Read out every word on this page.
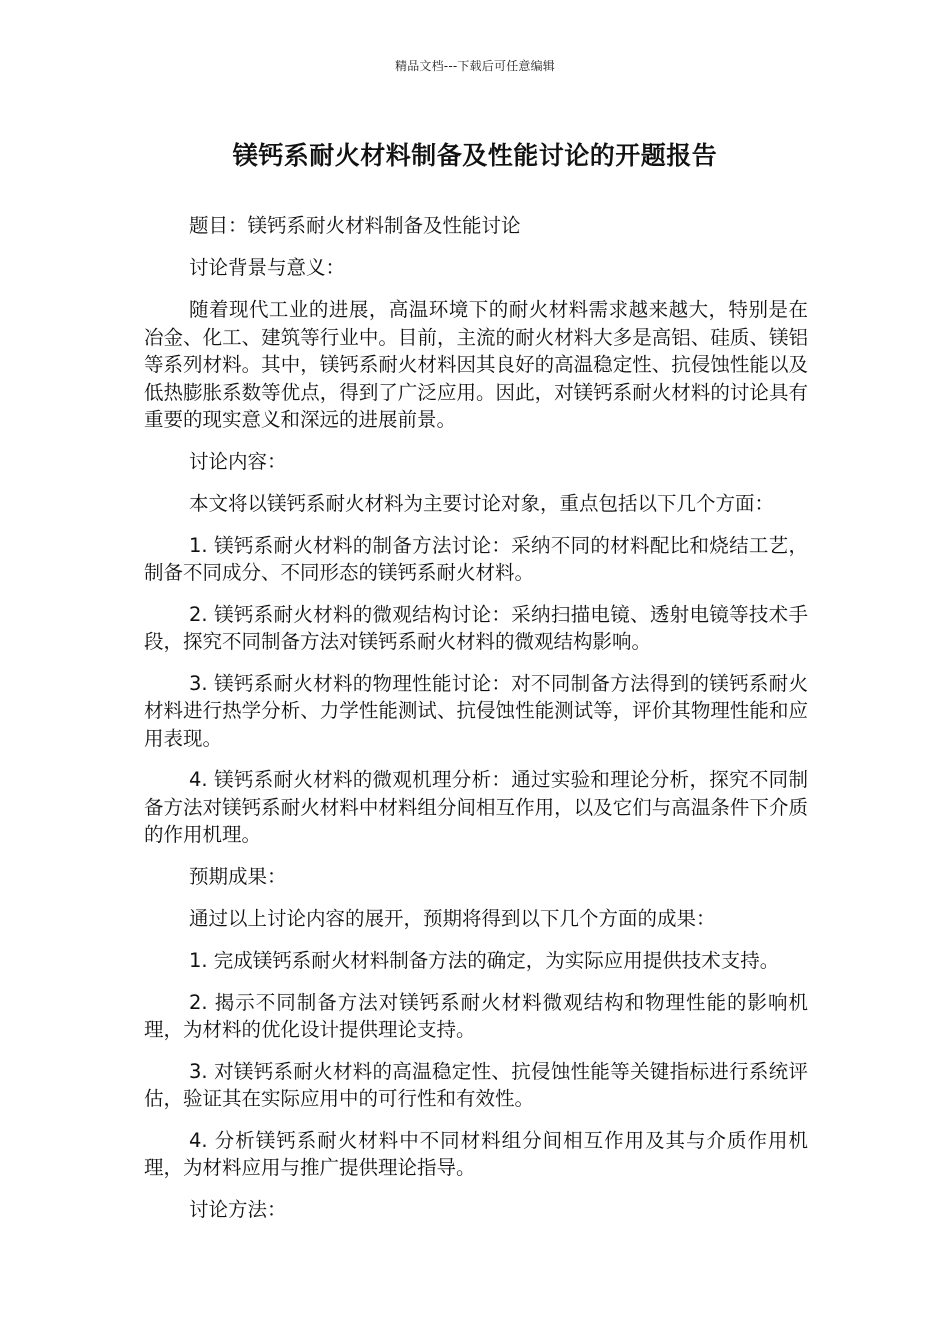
精品文档---下载后可任意编辑
镁钙系耐火材料制备及性能讨论的开题报告

题目：镁钙系耐火材料制备及性能讨论

讨论背景与意义：

随着现代工业的进展，高温环境下的耐火材料需求越来越大，特别是在冶金、化工、建筑等行业中。目前，主流的耐火材料大多是高铝、硅质、镁铝等系列材料。其中，镁钙系耐火材料因其良好的高温稳定性、抗侵蚀性能以及低热膨胀系数等优点，得到了广泛应用。因此，对镁钙系耐火材料的讨论具有重要的现实意义和深远的进展前景。

讨论内容：

本文将以镁钙系耐火材料为主要讨论对象，重点包括以下几个方面：

1. 镁钙系耐火材料的制备方法讨论：采纳不同的材料配比和烧结工艺，制备不同成分、不同形态的镁钙系耐火材料。

2. 镁钙系耐火材料的微观结构讨论：采纳扫描电镜、透射电镜等技术手段，探究不同制备方法对镁钙系耐火材料的微观结构影响。

3. 镁钙系耐火材料的物理性能讨论：对不同制备方法得到的镁钙系耐火材料进行热学分析、力学性能测试、抗侵蚀性能测试等，评价其物理性能和应用表现。

4. 镁钙系耐火材料的微观机理分析：通过实验和理论分析，探究不同制备方法对镁钙系耐火材料中材料组分间相互作用，以及它们与高温条件下介质的作用机理。

预期成果：

通过以上讨论内容的展开，预期将得到以下几个方面的成果：

1. 完成镁钙系耐火材料制备方法的确定，为实际应用提供技术支持。

2. 揭示不同制备方法对镁钙系耐火材料微观结构和物理性能的影响机理，为材料的优化设计提供理论支持。

3. 对镁钙系耐火材料的高温稳定性、抗侵蚀性能等关键指标进行系统评估，验证其在实际应用中的可行性和有效性。

4. 分析镁钙系耐火材料中不同材料组分间相互作用及其与介质作用机理，为材料应用与推广提供理论指导。

讨论方法：
